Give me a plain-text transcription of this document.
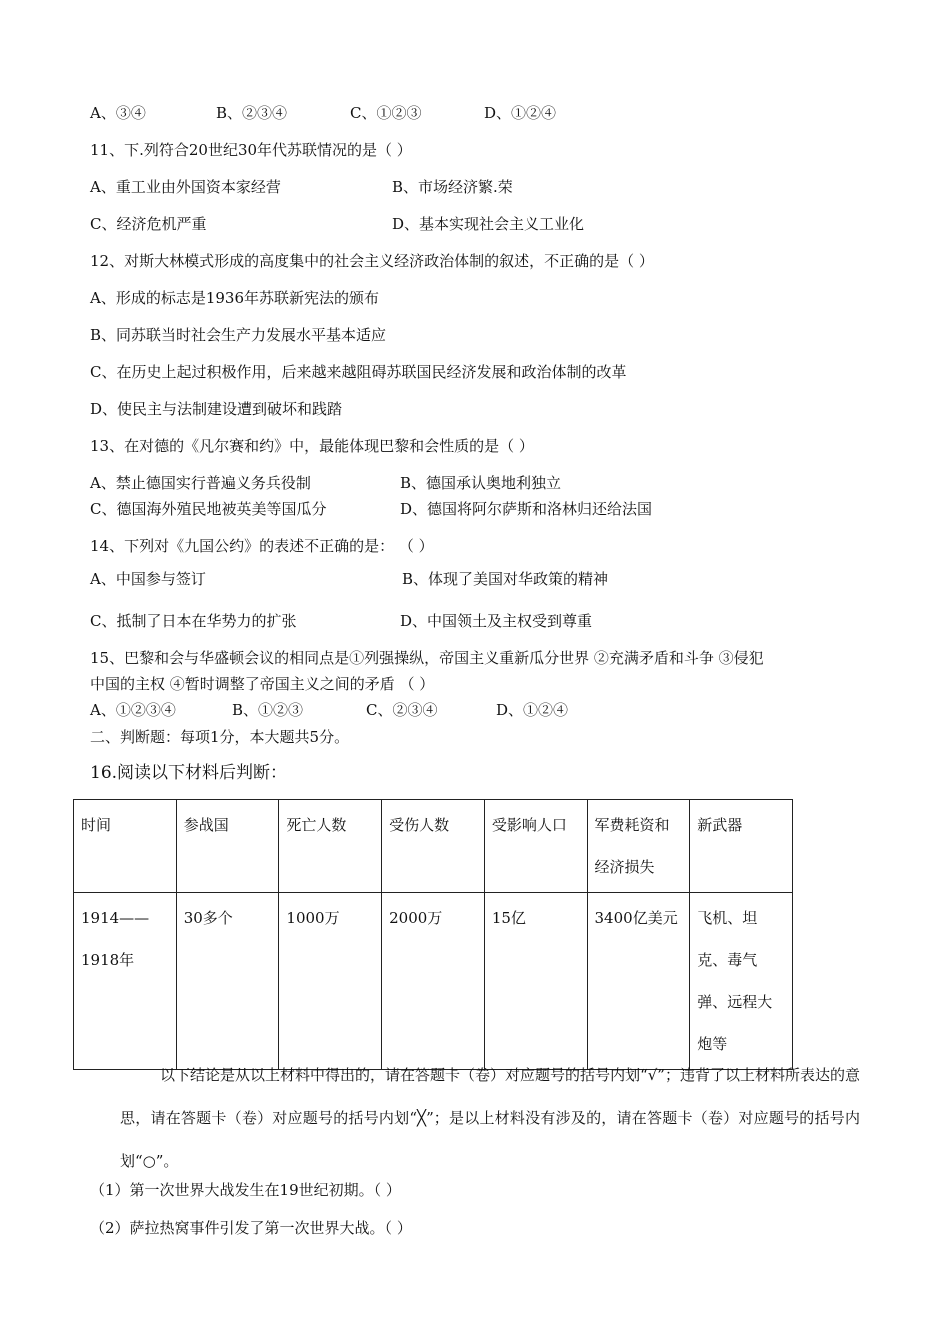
A、③④	B、②③④	C、①②③	D、①②④
11、下.列符合20世纪30年代苏联情况的是（ ）
A、重工业由外国资本家经营	B、市场经济繁.荣
C、经济危机严重	D、基本实现社会主义工业化
12、对斯大林模式形成的高度集中的社会主义经济政治体制的叙述，不正确的是（ ）
A、形成的标志是1936年苏联新宪法的颁布
B、同苏联当时社会生产力发展水平基本适应
C、在历史上起过积极作用，后来越来越阻碍苏联国民经济发展和政治体制的改革
D、使民主与法制建设遭到破坏和践踏
13、在对德的《凡尔赛和约》中，最能体现巴黎和会性质的是（ ）
A、禁止德国实行普遍义务兵役制	B、德国承认奥地利独立
C、德国海外殖民地被英美等国瓜分	D、德国将阿尔萨斯和洛林归还给法国
14、下列对《九国公约》的表述不正确的是： （ ）
A、中国参与签订	B、体现了美国对华政策的精神
C、抵制了日本在华势力的扩张	D、中国领土及主权受到尊重
15、巴黎和会与华盛顿会议的相同点是①列强操纵，帝国主义重新瓜分世界 ②充满矛盾和斗争 ③侵犯
中国的主权 ④暂时调整了帝国主义之间的矛盾 （ ）
A、①②③④	B、①②③	C、②③④	D、①②④
二、判断题：每项1分，本大题共5分。
16.阅读以下材料后判断：
时间	参战国	死亡人数	受伤人数	受影响人口	军费耗资和经济损失	新武器
1914——1918年	30多个	1000万	2000万	15亿	3400亿美元	飞机、坦克、毒气弹、远程大炮等
以下结论是从以上材料中得出的，请在答题卡（卷）对应题号的括号内划“√”；违背了以上材料所表达的意思，请在答题卡（卷）对应题号的括号内划“╳”；是以上材料没有涉及的，请在答题卡（卷）对应题号的括号内划“○”。
（1）第一次世界大战发生在19世纪初期。（ ）
（2）萨拉热窝事件引发了第一次世界大战。（ ）
